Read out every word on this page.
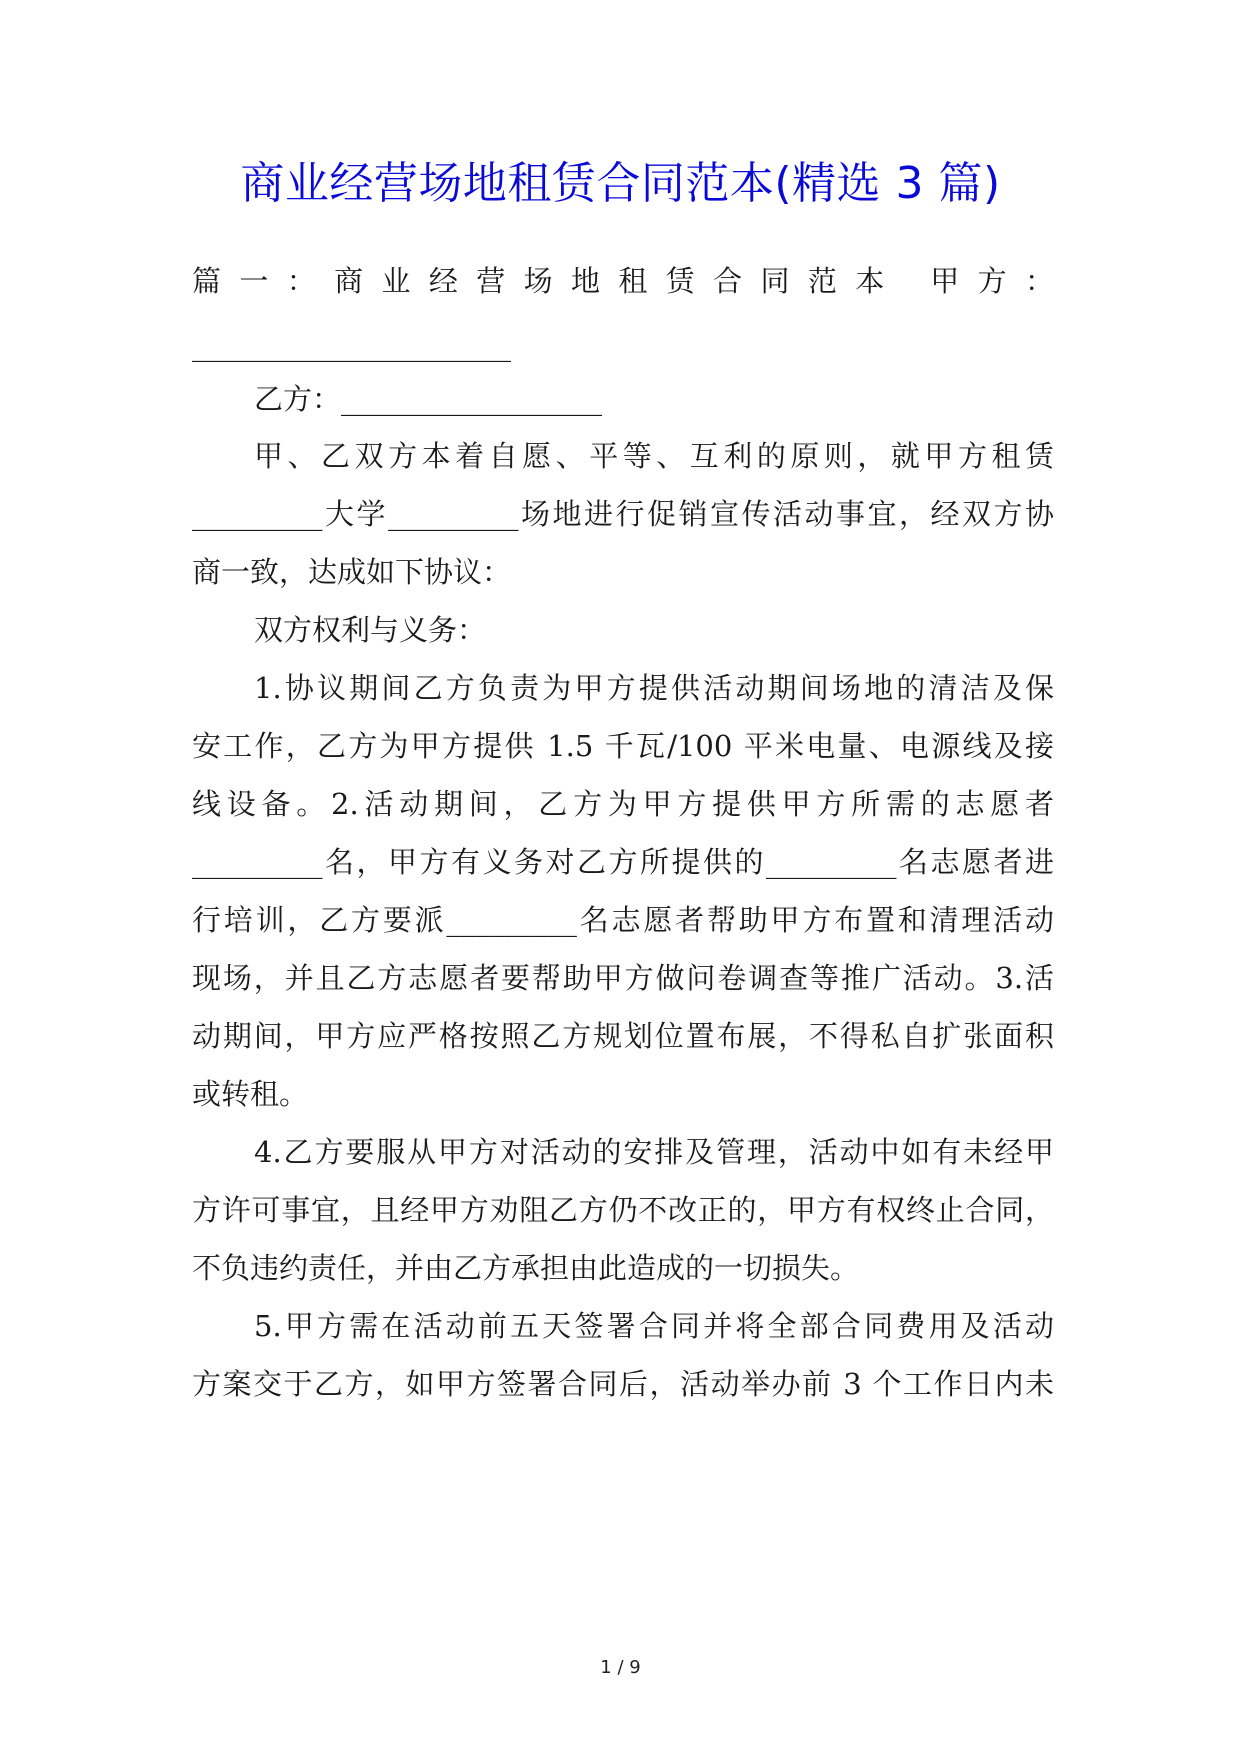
商业经营场地租赁合同范本(精选 3 篇)
篇一：商业经营场地租赁合同范本 甲方：
______________________
乙方：__________________
甲、乙双方本着自愿、平等、互利的原则，就甲方租赁
_________大学_________场地进行促销宣传活动事宜，经双方协
商一致，达成如下协议：
双方权利与义务：
1.协议期间乙方负责为甲方提供活动期间场地的清洁及保
安工作，乙方为甲方提供 1.5 千瓦/100 平米电量、电源线及接
线设备。2.活动期间，乙方为甲方提供甲方所需的志愿者
_________名，甲方有义务对乙方所提供的_________名志愿者进
行培训，乙方要派_________名志愿者帮助甲方布置和清理活动
现场，并且乙方志愿者要帮助甲方做问卷调查等推广活动。3.活
动期间，甲方应严格按照乙方规划位置布展，不得私自扩张面积
或转租。
4.乙方要服从甲方对活动的安排及管理，活动中如有未经甲
方许可事宜，且经甲方劝阻乙方仍不改正的，甲方有权终止合同，
不负违约责任，并由乙方承担由此造成的一切损失。
5.甲方需在活动前五天签署合同并将全部合同费用及活动
方案交于乙方，如甲方签署合同后，活动举办前 3 个工作日内未
1 / 9
